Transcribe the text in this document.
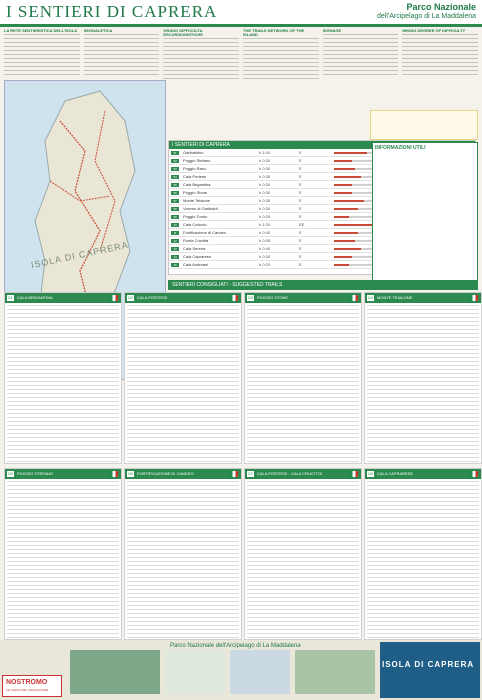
I SENTIERI DI CAPRERA	Parco Nazionale
dell'Arcipelago di La Maddalena
LA RETE SENTIERISTICA DELL'ISOLA	SEGNALETICA	GRADO DIFFICOLTA ESCURSIONISTICHE
THE TRAILS NETWORK OF THE ISLAND
SIGNAGE	HIKING DEGREE OF DIFFICULTY
ISOLA DI CAPRERA
I SENTIERI DI CAPRERA
01	Garibaldino	h 1:00	E
02	Poggio Stefano	h 0:30	E
03	Poggio Rasu	h 0:30	E
04	Cala Portese	h 0:35	E
05	Cala Brigantina	h 0:30	E
06	Poggio Stone	h 0:30	E
07	Monte Teialone	h 0:35	E
08	Vocesu di Garibaldi	h 0:30	E
09	Poggio Tondo	h 0:20	E
10	Cala Coticcio	h 1:20	EE
11	Fortificazione di Candeo	h 0:40	E
12	Punta Crucitta	h 0:35	E
13	Cala Serena	h 0:40	E
14	Cala Caprarese	h 0:30	E
15	Cala Andreani	h 0:20	E
INFORMAZIONI UTILI
SENTIERI CONSIGLIATI - SUGGESTED TRAILS
01	CALA BRIGANTINA	02	CALA PORTESE	03	POGGIO STONE	04	MONTE TEIALONE
05	POGGIO STEFANO	06	FORTIFICAZIONE DI CANDEO	07	CALA PORTESE - CALA CRUCITTA	08	CALA CAPRARESE
Parco Nazionale dell'Arcipelago di La Maddalena
ISOLA DI CAPRERA
NOSTROMO
LE CARTE DEL VIAGGIATORE
